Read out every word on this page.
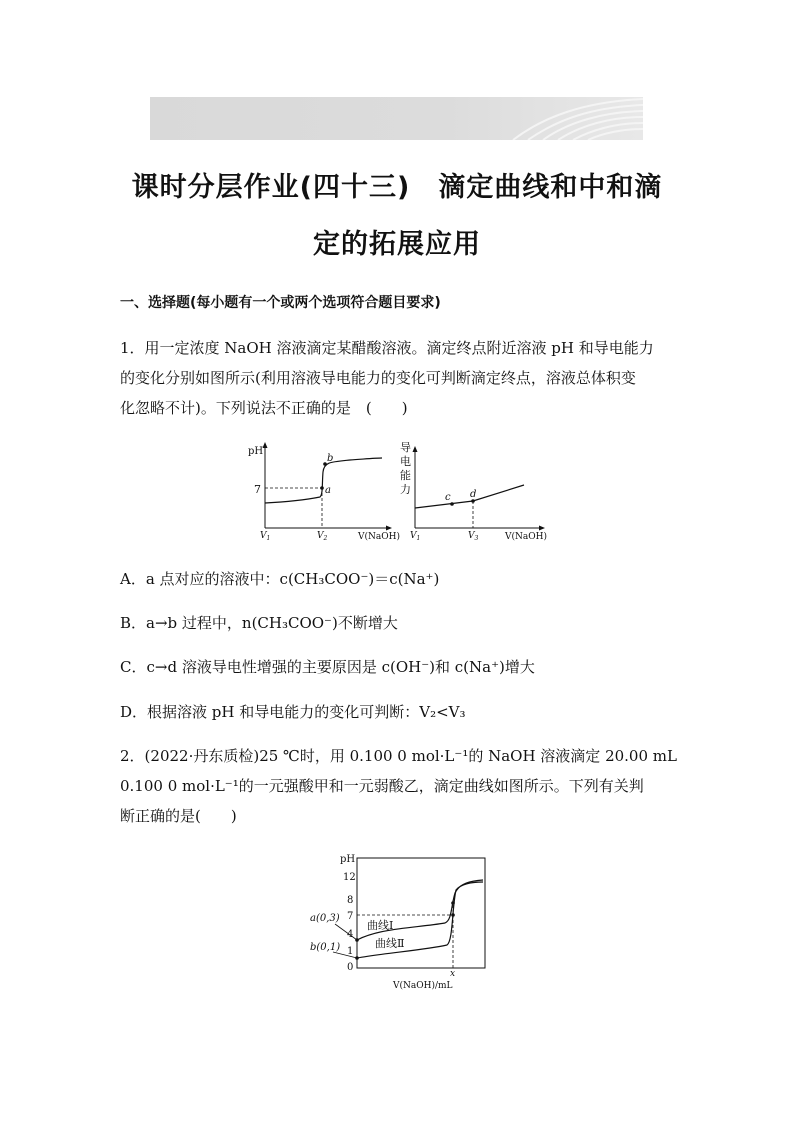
课时分层作业(四十三)　滴定曲线和中和滴
定的拓展应用
一、选择题(每小题有一个或两个选项符合题目要求)
1．用一定浓度 NaOH 溶液滴定某醋酸溶液。滴定终点附近溶液 pH 和导电能力
的变化分别如图所示(利用溶液导电能力的变化可判断滴定终点，溶液总体积变
化忽略不计)。下列说法不正确的是　(　　)
pH
7
b
a
$V_1$	$V_2$	V(NaOH)
导
电
能
力
c d
$V_1$	$V_3$	V(NaOH)
A．a 点对应的溶液中：c(CH₃COO⁻)＝c(Na⁺)
B．a→b 过程中，n(CH₃COO⁻)不断增大
C．c→d 溶液导电性增强的主要原因是 c(OH⁻)和 c(Na⁺)增大
D．根据溶液 pH 和导电能力的变化可判断：V₂<V₃
2．(2022·丹东质检)25 ℃时，用 0.100 0 mol·L⁻¹的 NaOH 溶液滴定 20.00 mL
0.100 0 mol·L⁻¹的一元强酸甲和一元弱酸乙，滴定曲线如图所示。下列有关判
断正确的是(　　)
pH
12
8
7
4
1
0
a(0,3)
b(0,1)
曲线Ⅰ
曲线Ⅱ
x
V(NaOH)/mL
